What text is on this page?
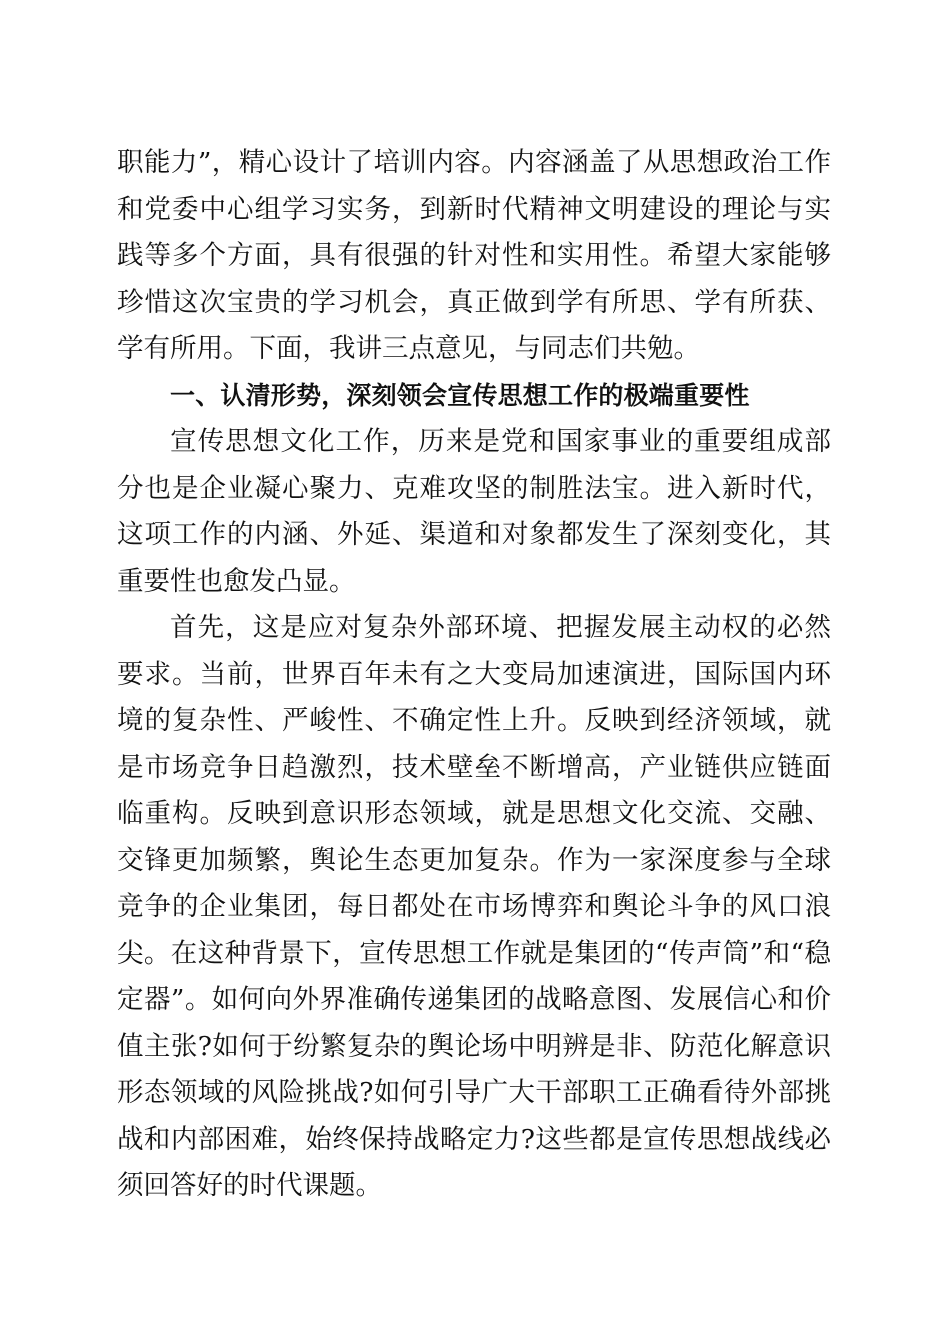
职能力”，精心设计了培训内容。内容涵盖了从思想政治工作和党委中心组学习实务，到新时代精神文明建设的理论与实践等多个方面，具有很强的针对性和实用性。希望大家能够珍惜这次宝贵的学习机会，真正做到学有所思、学有所获、学有所用。下面，我讲三点意见，与同志们共勉。

一、认清形势，深刻领会宣传思想工作的极端重要性

宣传思想文化工作，历来是党和国家事业的重要组成部分也是企业凝心聚力、克难攻坚的制胜法宝。进入新时代，这项工作的内涵、外延、渠道和对象都发生了深刻变化，其重要性也愈发凸显。

首先，这是应对复杂外部环境、把握发展主动权的必然要求。当前，世界百年未有之大变局加速演进，国际国内环境的复杂性、严峻性、不确定性上升。反映到经济领域，就是市场竞争日趋激烈，技术壁垒不断增高，产业链供应链面临重构。反映到意识形态领域，就是思想文化交流、交融、交锋更加频繁，舆论生态更加复杂。作为一家深度参与全球竞争的企业集团，每日都处在市场博弈和舆论斗争的风口浪尖。在这种背景下，宣传思想工作就是集团的“传声筒”和“稳定器”。如何向外界准确传递集团的战略意图、发展信心和价值主张?如何于纷繁复杂的舆论场中明辨是非、防范化解意识形态领域的风险挑战?如何引导广大干部职工正确看待外部挑战和内部困难，始终保持战略定力?这些都是宣传思想战线必须回答好的时代课题。
